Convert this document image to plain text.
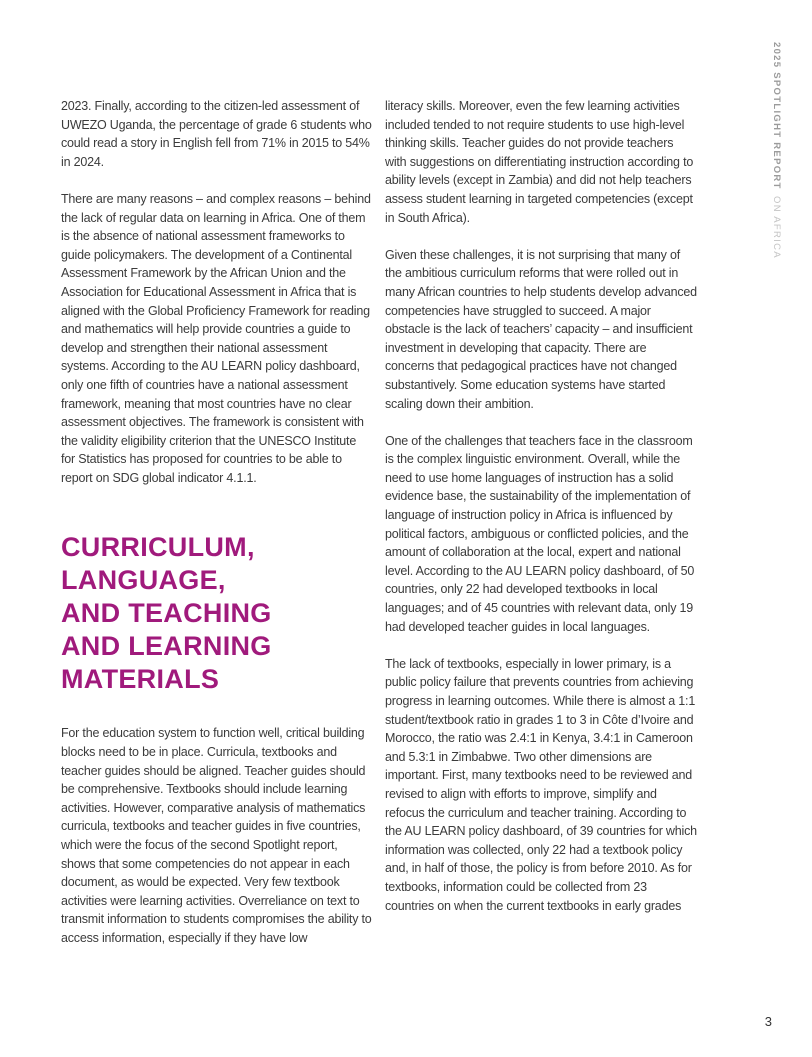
2025 SPOTLIGHT REPORTON AFRICA

2023. Finally, according to the citizen-led assessment of UWEZO Uganda, the percentage of grade 6 students who could read a story in English fell from 71% in 2015 to 54% in 2024.

There are many reasons – and complex reasons – behind the lack of regular data on learning in Africa. One of them is the absence of national assessment frameworks to guide policymakers. The development of a Continental Assessment Framework by the African Union and the Association for Educational Assessment in Africa that is aligned with the Global Proficiency Framework for reading and mathematics will help provide countries a guide to develop and strengthen their national assessment systems. According to the AU LEARN policy dashboard, only one fifth of countries have a national assessment framework, meaning that most countries have no clear assessment objectives. The framework is consistent with the validity eligibility criterion that the UNESCO Institute for Statistics has proposed for countries to be able to report on SDG global indicator 4.1.1.

CURRICULUM,
LANGUAGE,
AND TEACHING
AND LEARNING
MATERIALS

For the education system to function well, critical building blocks need to be in place. Curricula, textbooks and teacher guides should be aligned. Teacher guides should be comprehensive. Textbooks should include learning activities. However, comparative analysis of mathematics curricula, textbooks and teacher guides in five countries, which were the focus of the second Spotlight report, shows that some competencies do not appear in each document, as would be expected. Very few textbook activities were learning activities. Overreliance on text to transmit information to students compromises the ability to access information, especially if they have low

literacy skills. Moreover, even the few learning activities included tended to not require students to use high-level thinking skills. Teacher guides do not provide teachers with suggestions on differentiating instruction according to ability levels (except in Zambia) and did not help teachers assess student learning in targeted competencies (except in South Africa).

Given these challenges, it is not surprising that many of the ambitious curriculum reforms that were rolled out in many African countries to help students develop advanced competencies have struggled to succeed. A major obstacle is the lack of teachers’ capacity – and insufficient investment in developing that capacity. There are concerns that pedagogical practices have not changed substantively. Some education systems have started scaling down their ambition.

One of the challenges that teachers face in the classroom is the complex linguistic environment. Overall, while the need to use home languages of instruction has a solid evidence base, the sustainability of the implementation of language of instruction policy in Africa is influenced by political factors, ambiguous or conflicted policies, and the amount of collaboration at the local, expert and national level. According to the AU LEARN policy dashboard, of 50 countries, only 22 had developed textbooks in local languages; and of 45 countries with relevant data, only 19 had developed teacher guides in local languages.

The lack of textbooks, especially in lower primary, is a public policy failure that prevents countries from achieving progress in learning outcomes. While there is almost a 1:1 student/textbook ratio in grades 1 to 3 in Côte d’Ivoire and Morocco, the ratio was 2.4:1 in Kenya, 3.4:1 in Cameroon and 5.3:1 in Zimbabwe. Two other dimensions are important. First, many textbooks need to be reviewed and revised to align with efforts to improve, simplify and refocus the curriculum and teacher training. According to the AU LEARN policy dashboard, of 39 countries for which information was collected, only 22 had a textbook policy and, in half of those, the policy is from before 2010. As for textbooks, information could be collected from 23 countries on when the current textbooks in early grades

3
